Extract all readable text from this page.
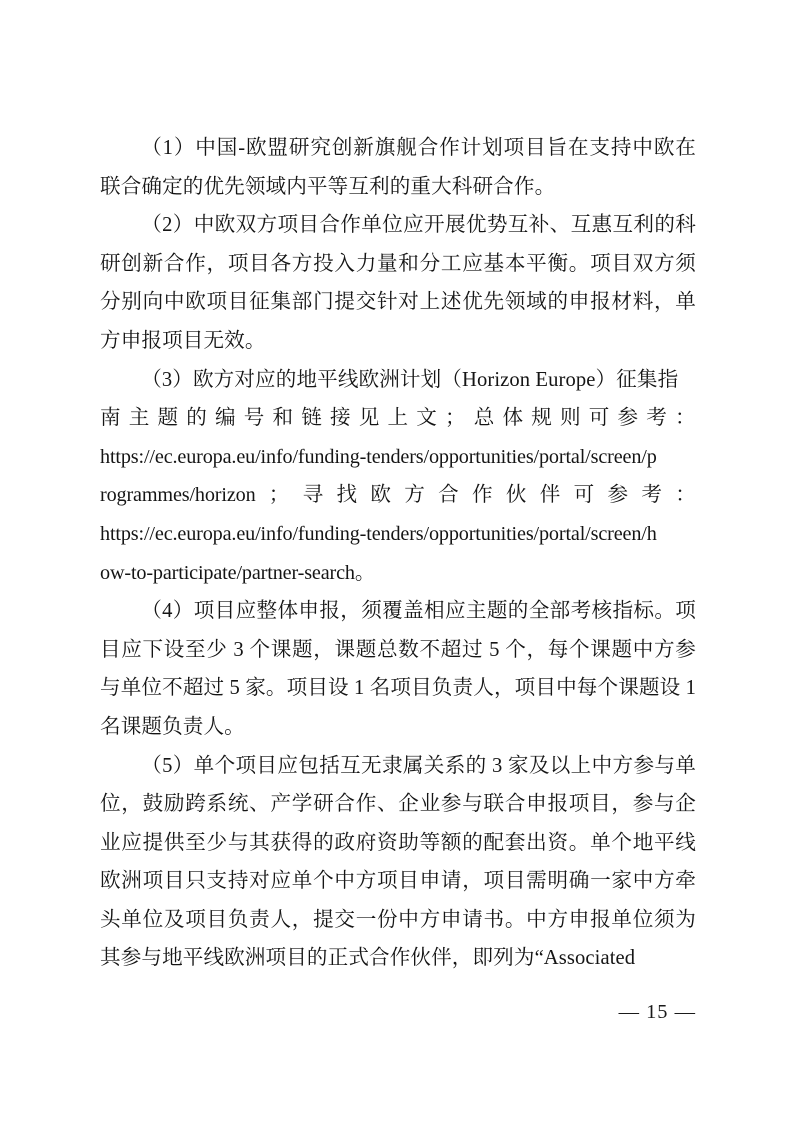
（1）中国-欧盟研究创新旗舰合作计划项目旨在支持中欧在联合确定的优先领域内平等互利的重大科研合作。

（2）中欧双方项目合作单位应开展优势互补、互惠互利的科研创新合作，项目各方投入力量和分工应基本平衡。项目双方须分别向中欧项目征集部门提交针对上述优先领域的申报材料，单方申报项目无效。

（3）欧方对应的地平线欧洲计划（Horizon Europe）征集指
南 主 题 的 编 号 和 链 接 见 上 文 ； 总 体 规 则 可 参 考 ：
https://ec.europa.eu/info/funding-tenders/opportunities/portal/screen/p
rogrammes/horizon ； 寻 找 欧 方 合 作 伙 伴 可 参 考 ：
https://ec.europa.eu/info/funding-tenders/opportunities/portal/screen/h
ow-to-participate/partner-search。

（4）项目应整体申报，须覆盖相应主题的全部考核指标。项目应下设至少 3 个课题，课题总数不超过 5 个，每个课题中方参与单位不超过 5 家。项目设 1 名项目负责人，项目中每个课题设 1 名课题负责人。

（5）单个项目应包括互无隶属关系的 3 家及以上中方参与单位，鼓励跨系统、产学研合作、企业参与联合申报项目，参与企业应提供至少与其获得的政府资助等额的配套出资。单个地平线欧洲项目只支持对应单个中方项目申请，项目需明确一家中方牵头单位及项目负责人，提交一份中方申请书。中方申报单位须为其参与地平线欧洲项目的正式合作伙伴，即列为“Associated

— 15 —
